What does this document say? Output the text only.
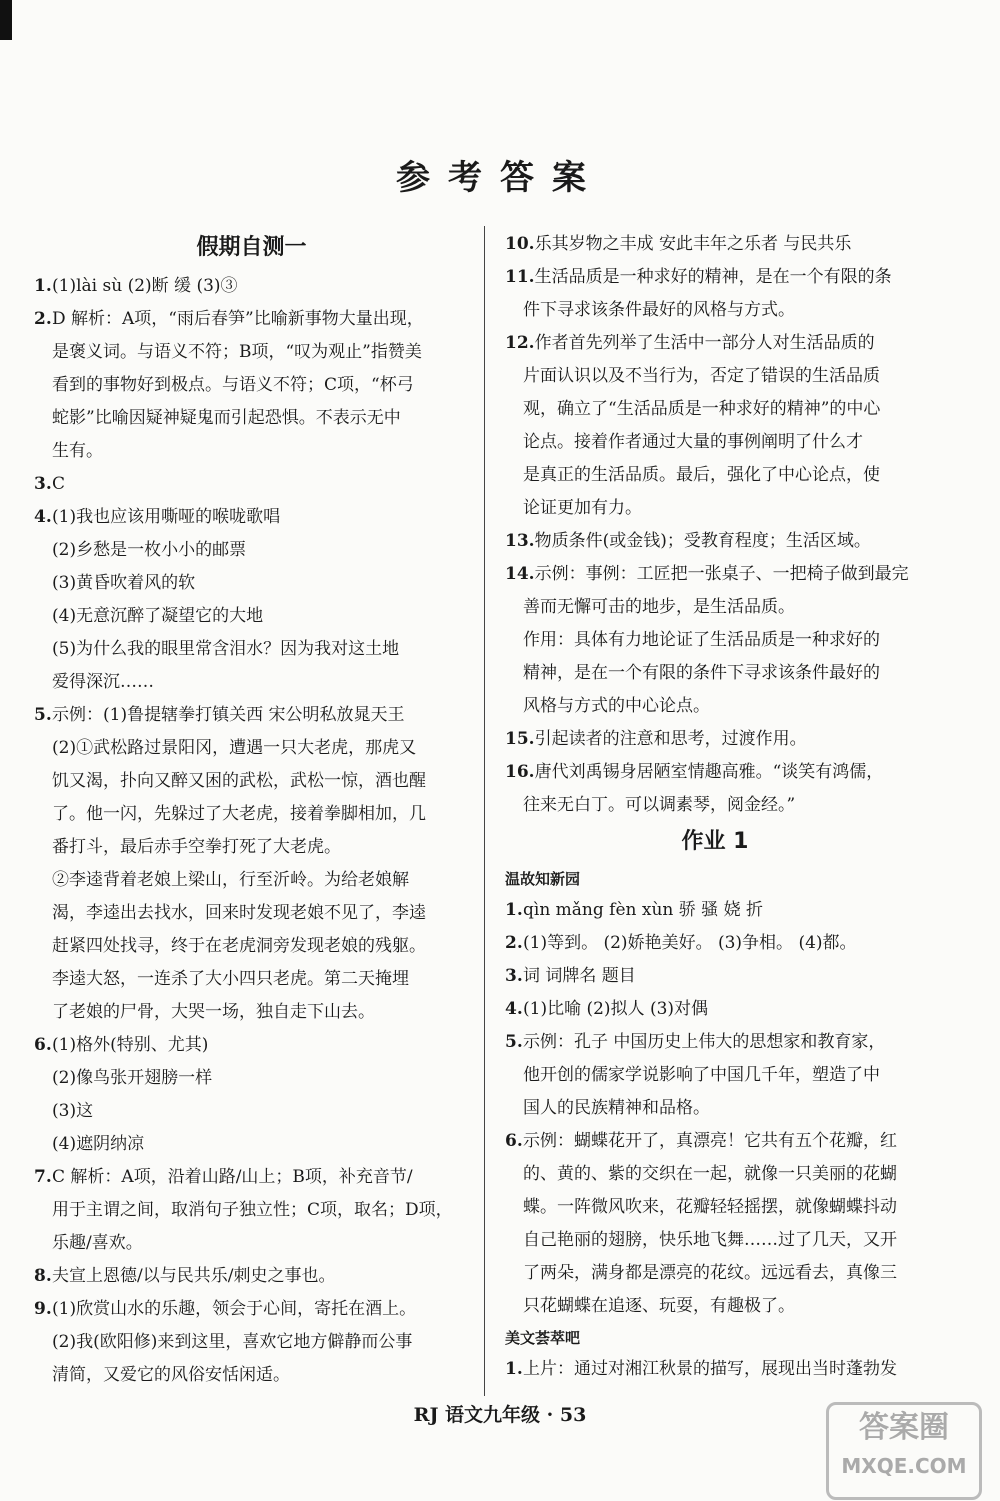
参考答案
假期自测一
1.(1)lài sù (2)断 缓 (3)③
2.D 解析：A项，“雨后春笋”比喻新事物大量出现，
是褒义词。与语义不符；B项，“叹为观止”指赞美
看到的事物好到极点。与语义不符；C项，“杯弓
蛇影”比喻因疑神疑鬼而引起恐惧。不表示无中
生有。
3.C
4.(1)我也应该用嘶哑的喉咙歌唱
(2)乡愁是一枚小小的邮票
(3)黄昏吹着风的软
(4)无意沉醉了凝望它的大地
(5)为什么我的眼里常含泪水？因为我对这土地
爱得深沉……
5.示例：(1)鲁提辖拳打镇关西 宋公明私放晁天王
(2)①武松路过景阳冈，遭遇一只大老虎，那虎又
饥又渴，扑向又醉又困的武松，武松一惊，酒也醒
了。他一闪，先躲过了大老虎，接着拳脚相加，几
番打斗，最后赤手空拳打死了大老虎。
②李逵背着老娘上梁山，行至沂岭。为给老娘解
渴，李逵出去找水，回来时发现老娘不见了，李逵
赶紧四处找寻，终于在老虎洞旁发现老娘的残躯。
李逵大怒，一连杀了大小四只老虎。第二天掩埋
了老娘的尸骨，大哭一场，独自走下山去。
6.(1)格外(特别、尤其)
(2)像鸟张开翅膀一样
(3)这
(4)遮阴纳凉
7.C 解析：A项，沿着山路/山上；B项，补充音节/
用于主谓之间，取消句子独立性；C项，取名；D项，
乐趣/喜欢。
8.夫宣上恩德/以与民共乐/刺史之事也。
9.(1)欣赏山水的乐趣，领会于心间，寄托在酒上。
(2)我(欧阳修)来到这里，喜欢它地方僻静而公事
清简，又爱它的风俗安恬闲适。
10.乐其岁物之丰成 安此丰年之乐者 与民共乐
11.生活品质是一种求好的精神，是在一个有限的条
件下寻求该条件最好的风格与方式。
12.作者首先列举了生活中一部分人对生活品质的
片面认识以及不当行为，否定了错误的生活品质
观，确立了“生活品质是一种求好的精神”的中心
论点。接着作者通过大量的事例阐明了什么才
是真正的生活品质。最后，强化了中心论点，使
论证更加有力。
13.物质条件(或金钱)；受教育程度；生活区域。
14.示例：事例：工匠把一张桌子、一把椅子做到最完
善而无懈可击的地步，是生活品质。
作用：具体有力地论证了生活品质是一种求好的
精神，是在一个有限的条件下寻求该条件最好的
风格与方式的中心论点。
15.引起读者的注意和思考，过渡作用。
16.唐代刘禹锡身居陋室情趣高雅。“谈笑有鸿儒，
往来无白丁。可以调素琴，阅金经。”
作业 1
温故知新园
1.qìn mǎng fèn xùn 骄 骚 娆 折
2.(1)等到。 (2)娇艳美好。 (3)争相。 (4)都。
3.词 词牌名 题目
4.(1)比喻 (2)拟人 (3)对偶
5.示例：孔子 中国历史上伟大的思想家和教育家，
他开创的儒家学说影响了中国几千年，塑造了中
国人的民族精神和品格。
6.示例：蝴蝶花开了，真漂亮！它共有五个花瓣，红
的、黄的、紫的交织在一起，就像一只美丽的花蝴
蝶。一阵微风吹来，花瓣轻轻摇摆，就像蝴蝶抖动
自己艳丽的翅膀，快乐地飞舞……过了几天，又开
了两朵，满身都是漂亮的花纹。远远看去，真像三
只花蝴蝶在追逐、玩耍，有趣极了。
美文荟萃吧
1.上片：通过对湘江秋景的描写，展现出当时蓬勃发
RJ 语文九年级 · 53	答案圈
MXQE.COM
